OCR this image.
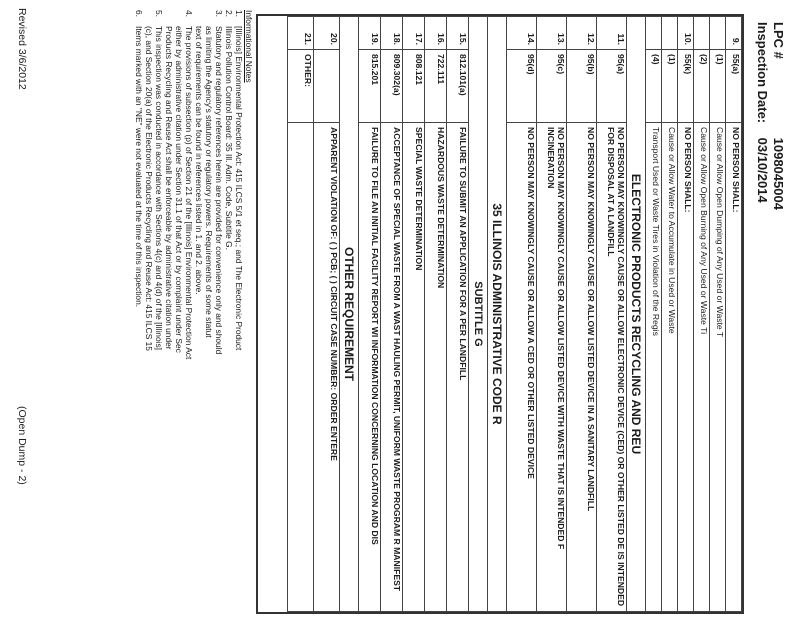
LPC # 1098045004
Inspection Date: 03/10/2014
9.	55(a)	NO PERSON SHALL:
	(1)	Cause or Allow Open Dumping of Any Used or Waste T
	(2)	Cause or Allow Open Burning of Any Used or Waste Ti
10.	55(k)	NO PERSON SHALL:
	(1)	Cause or Allow Water to Accumulate in Used or Waste
	(4)	Transport Used or Waste Tires in Violation of the Regis
ELECTRONIC PRODUCTS RECYCLING AND REU		
11.	95(a)	NO PERSON MAY KNOWINGLY CAUSE OR ALLOW ELECTRONIC DEVICE (CED) OR OTHER LISTED DE IS INTENDED FOR DISPOSAL AT A LANDFILL
12.	95(b)	NO PERSON MAY KNOWINGLY CAUSE OR ALLOW LISTED DEVICE IN A SANITARY LANDFILL
13.	95(c)	NO PERSON MAY KNOWINGLY CAUSE OR ALLOW LISTED DEVICE WITH WASTE THAT IS INTENDED F INCINERATION
14.	95(d)	NO PERSON MAY KNOWINGLY CAUSE OR ALLOW A CED OR OTHER LISTED DEVICE
35 ILLINOIS ADMINISTRATIVE CODE R		
SUBTITLE G		
15.	812.101(a)	FAILURE TO SUBMIT AN APPLICATION FOR A PER LANDFILL
16.	722.111	HAZARDOUS WASTE DETERMINATION
17.	808.121	SPECIAL WASTE DETERMINATION
18.	809.302(a)	ACCEPTANCE OF SPECIAL WASTE FROM A WAST HAULING PERMIT, UNIFORM WASTE PROGRAM R MANIFEST
19.	815.201	FAILURE TO FILE AN INITIAL FACILITY REPORT WI INFORMATION CONCERNING LOCATION AND DIS
OTHER REQUIREMENT		
20.		APPARENT VIOLATION OF: ( ) PCB; ( ) CIRCUIT CASE NUMBER: ORDER ENTERE
21.	OTHER:	
Informational Notes
1.[Illinois] Environmental Protection Act: 415 ILCS 5/1 et seq.; and The Electronic Product
2.Illinois Pollution Control Board: 35 Ill. Adm. Code, Subtitle G.
3.Statutory and regulatory references herein are provided for convenience only and should
as limiting the Agency's statutory or regulatory powers. Requirements of some statut
text of requirements can be found in references listed in 1. and 2. above.
4.The provisions of subsection (p) of Section 21 of the [Illinois] Environmental Protection Act
either by administrative citation under Section 31.1 of that Act or by complaint under Sec
Products Recycling and Reuse Act shall be enforceable by administrative citation under
5.This inspection was conducted in accordance with Sections 4(c) and 4(d) of the [Illinois]
(c), and Section 20(a) of the Electronic Products Recycling and Reuse Act: 415 ILCS 15
6.Items marked with an "NE" were not evaluated at the time of this inspection.
Revised 3/6/2012
(Open Dump - 2)
